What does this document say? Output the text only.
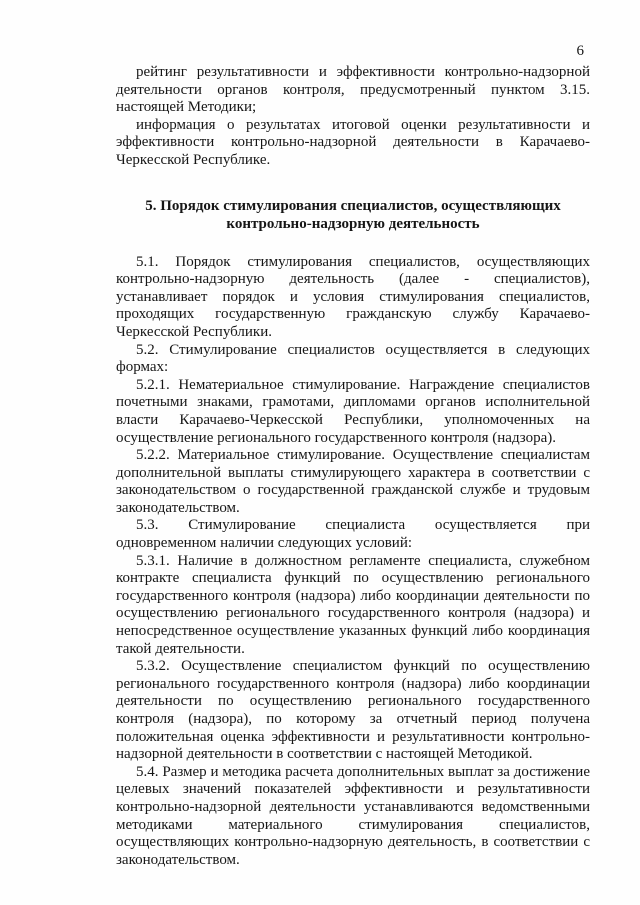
6

рейтинг результативности и эффективности контрольно-надзорной деятельности органов контроля, предусмотренный пунктом 3.15. настоящей Методики;

информация о результатах итоговой оценки результативности и эффективности контрольно-надзорной деятельности в Карачаево-Черкесской Республике.

5. Порядок стимулирования специалистов, осуществляющих
контрольно-надзорную деятельность

5.1. Порядок стимулирования специалистов, осуществляющих контрольно-надзорную деятельность (далее - специалистов), устанавливает порядок и условия стимулирования специалистов, проходящих государственную гражданскую службу Карачаево-Черкесской Республики.

5.2. Стимулирование специалистов осуществляется в следующих формах:

5.2.1. Нематериальное стимулирование. Награждение специалистов почетными знаками, грамотами, дипломами органов исполнительной власти Карачаево-Черкесской Республики, уполномоченных на осуществление регионального государственного контроля (надзора).

5.2.2. Материальное стимулирование. Осуществление специалистам дополнительной выплаты стимулирующего характера в соответствии с законодательством о государственной гражданской службе и трудовым законодательством.

5.3. Стимулирование специалиста осуществляется при одновременном наличии следующих условий:

5.3.1. Наличие в должностном регламенте специалиста, служебном контракте специалиста функций по осуществлению регионального государственного контроля (надзора) либо координации деятельности по осуществлению регионального государственного контроля (надзора) и непосредственное осуществление указанных функций либо координация такой деятельности.

5.3.2. Осуществление специалистом функций по осуществлению регионального государственного контроля (надзора) либо координации деятельности по осуществлению регионального государственного контроля (надзора), по которому за отчетный период получена положительная оценка эффективности и результативности контрольно-надзорной деятельности в соответствии с настоящей Методикой.

5.4. Размер и методика расчета дополнительных выплат за достижение целевых значений показателей эффективности и результативности контрольно-надзорной деятельности устанавливаются ведомственными методиками материального стимулирования специалистов, осуществляющих контрольно-надзорную деятельность, в соответствии с законодательством.
